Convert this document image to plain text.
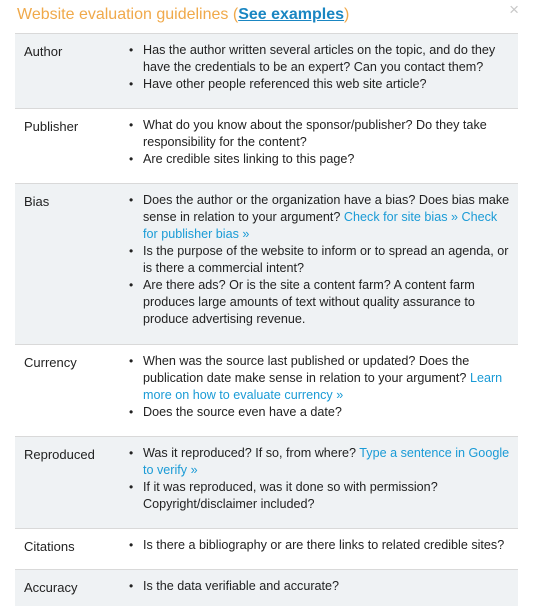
Website evaluation guidelines (See examples)	×
Author	• Has the author written several articles on the topic, and do they have the credentials to be an expert? Can you contact them?
• Have other people referenced this web site article?
Publisher	• What do you know about the sponsor/publisher? Do they take responsibility for the content?
• Are credible sites linking to this page?
Bias	• Does the author or the organization have a bias? Does bias make sense in relation to your argument? Check for site bias » Check for publisher bias »
• Is the purpose of the website to inform or to spread an agenda, or is there a commercial intent?
• Are there ads? Or is the site a content farm? A content farm produces large amounts of text without quality assurance to produce advertising revenue.
Currency	• When was the source last published or updated? Does the publication date make sense in relation to your argument? Learn more on how to evaluate currency »
• Does the source even have a date?
Reproduced	• Was it reproduced? If so, from where? Type a sentence in Google to verify »
• If it was reproduced, was it done so with permission? Copyright/disclaimer included?
Citations	• Is there a bibliography or are there links to related credible sites?
Accuracy	• Is the data verifiable and accurate?
